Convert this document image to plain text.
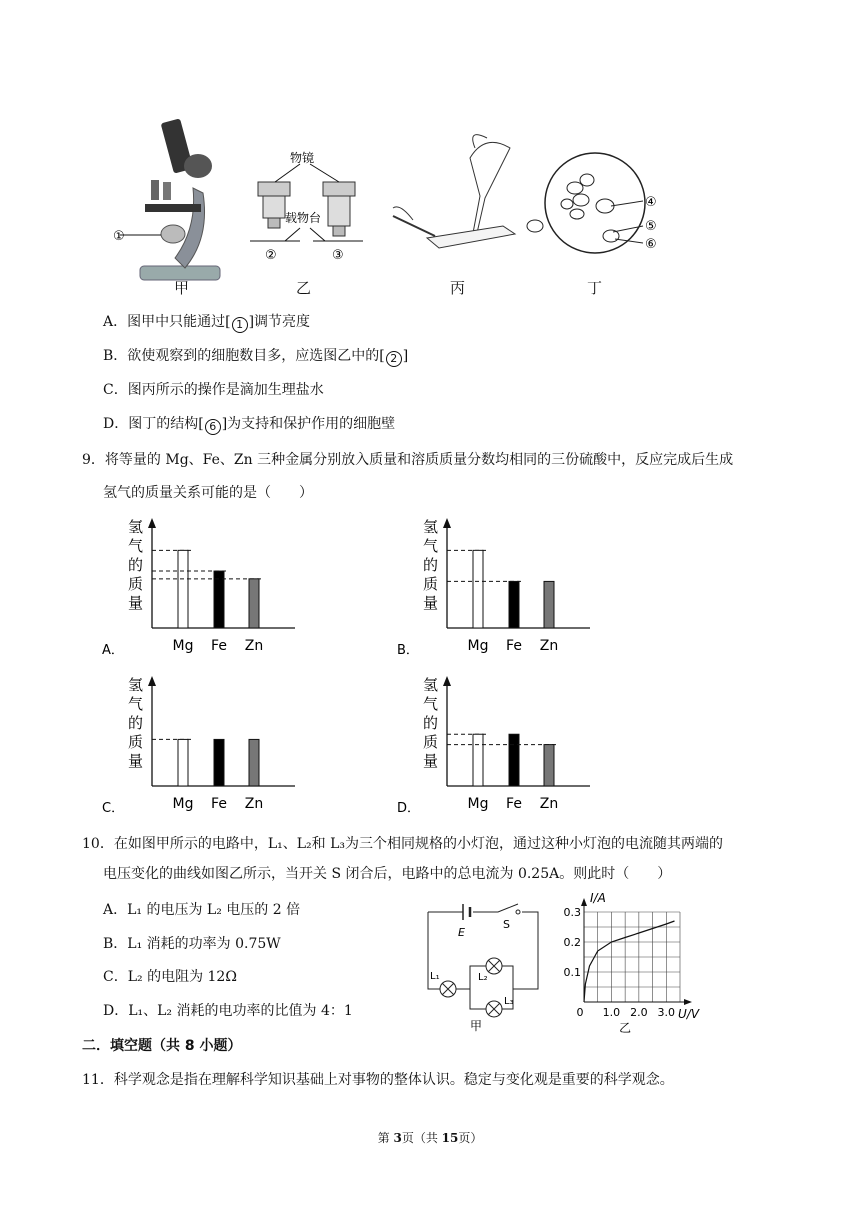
①
物镜
载物台
②	③
④
⑤
⑥
甲	乙	丙	丁
A．图甲中只能通过[ 1 ]调节亮度
B．欲使观察到的细胞数目多，应选图乙中的[ 2 ]
C．图丙所示的操作是滴加生理盐水
D．图丁的结构[ 6 ]为支持和保护作用的细胞壁
9．将等量的 Mg、Fe、Zn 三种金属分别放入质量和溶质质量分数均相同的三份硫酸中，反应完成后生成
氢气的质量关系可能的是（　　）
氢
气
的
质
量
A．	Mg Fe Zn
氢
气
的
质
量
B．	Mg Fe Zn
氢
气
的
质
量
C．	Mg Fe Zn
氢
气
的
质
量
D．	Mg Fe Zn
10．在如图甲所示的电路中，L₁、L₂和 L₃为三个相同规格的小灯泡，通过这种小灯泡的电流随其两端的
电压变化的曲线如图乙所示，当开关 S 闭合后，电路中的总电流为 0.25A。则此时（　　）
A．L₁ 的电压为 L₂ 电压的 2 倍
B．L₁ 消耗的功率为 0.75W
C．L₂ 的电阻为 12Ω
D．L₁、L₂ 消耗的电功率的比值为 4：1
E
S
L₁	L₂
L₃
甲
0 1.0 2.0 3.0
0.1
0.2
0.3
I/A
U/V
乙
二．填空题（共 8 小题）
11．科学观念是指在理解科学知识基础上对事物的整体认识。稳定与变化观是重要的科学观念。
第 3页（共 15页）
